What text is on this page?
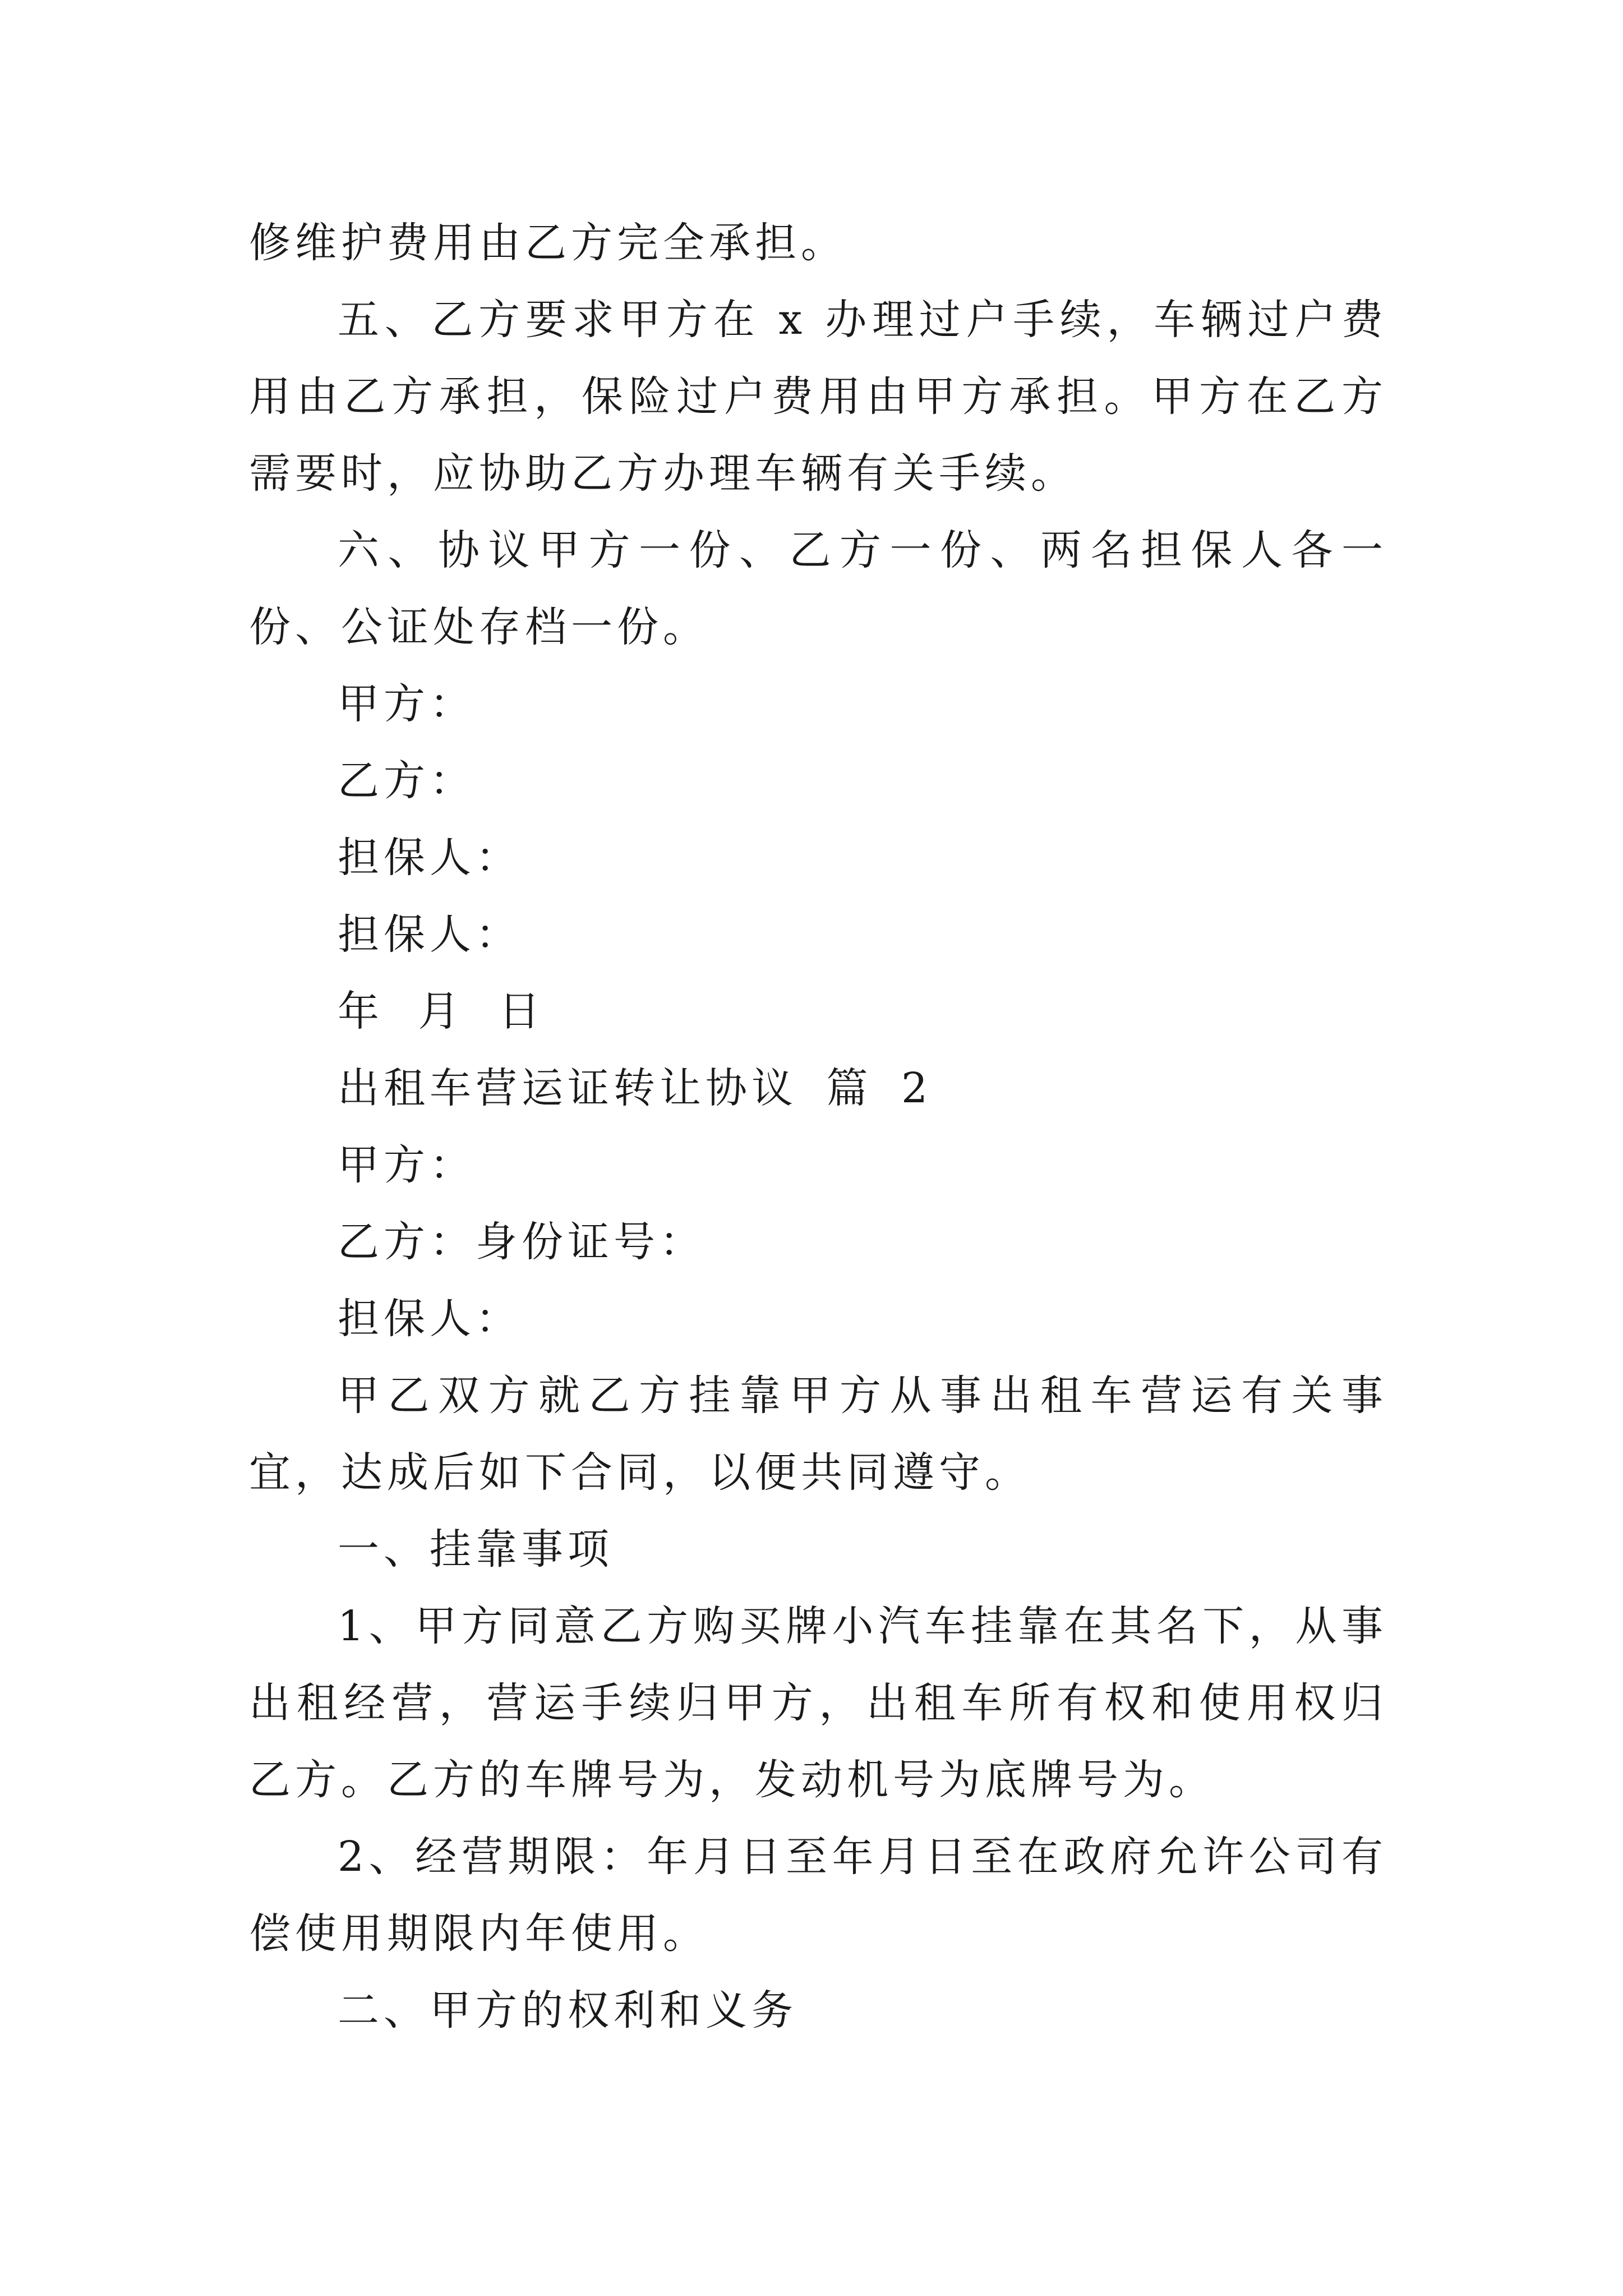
修维护费用由乙方完全承担。

五、乙方要求甲方在 x 办理过户手续，车辆过户费用由乙方承担，保险过户费用由甲方承担。甲方在乙方需要时，应协助乙方办理车辆有关手续。

六、协议甲方一份、乙方一份、两名担保人各一份、公证处存档一份。

甲方：

乙方：

担保人：

担保人：

年 月 日

出租车营运证转让协议 篇 2

甲方：

乙方：身份证号：

担保人：

甲乙双方就乙方挂靠甲方从事出租车营运有关事宜，达成后如下合同，以便共同遵守。

一、挂靠事项

1、甲方同意乙方购买牌小汽车挂靠在其名下，从事出租经营，营运手续归甲方，出租车所有权和使用权归乙方。乙方的车牌号为，发动机号为底牌号为。

2、经营期限：年月日至年月日至在政府允许公司有偿使用期限内年使用。

二、甲方的权利和义务
